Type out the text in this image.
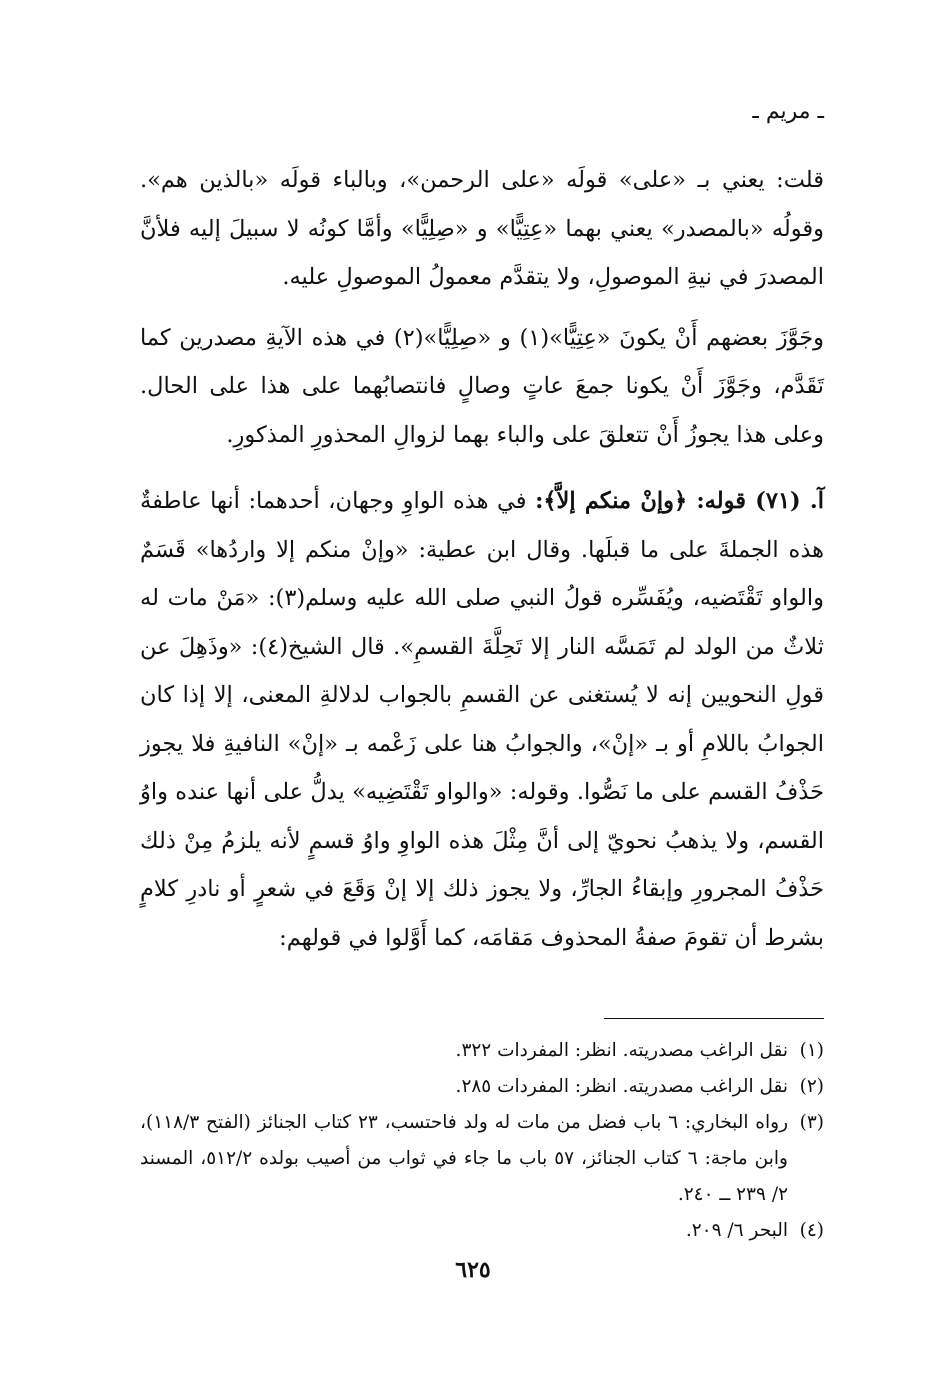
ـ مريم ـ

قلت: يعني بـ «على» قولَه «على الرحمن»، وبالباء قولَه «بالذين هم». وقولُه «بالمصدر» يعني بهما «عِتِيًّا» و «صِلِيًّا» وأمَّا كونُه لا سبيلَ إليه فلأنَّ المصدرَ في نيةِ الموصولِ، ولا يتقدَّم معمولُ الموصولِ عليه.

وجَوَّزَ بعضهم أَنْ يكونَ «عِتِيًّا»(١) و «صِلِيًّا»(٢) في هذه الآيةِ مصدرين كما تَقَدَّم، وجَوَّزَ أَنْ يكونا جمعَ عاتٍ وصالٍ فانتصابُهما على هذا على الحال. وعلى هذا يجوزُ أَنْ تتعلقَ على والباء بهما لزوالِ المحذورِ المذكورِ.

آ. (٧١) قوله: ﴿وإنْ منكم إلاَّ﴾: في هذه الواوِ وجهان، أحدهما: أنها عاطفةٌ هذه الجملةَ على ما قبلَها. وقال ابن عطية: «وإنْ منكم إلا واردُها» قَسَمٌ والواو تَقْتَضيه، ويُفَسِّره قولُ النبي صلى الله عليه وسلم(٣): «مَنْ مات له ثلاثٌ من الولد لم تَمَسَّه النار إلا تَحِلَّةَ القسمِ». قال الشيخ(٤): «وذَهِلَ عن قولِ النحويين إنه لا يُستغنى عن القسمِ بالجواب لدلالةِ المعنى، إلا إذا كان الجوابُ باللامِ أو بـ «إنْ»، والجوابُ هنا على زَعْمه بـ «إنْ» النافيةِ فلا يجوز حَذْفُ القسم على ما نَصُّوا. وقوله: «والواو تَقْتَضِيه» يدلُّ على أنها عنده واوُ القسم، ولا يذهبُ نحويّ إلى أنَّ مِثْلَ هذه الواوِ واوُ قسمٍ لأنه يلزمُ مِنْ ذلك حَذْفُ المجرورِ وإبقاءُ الجارِّ، ولا يجوز ذلك إلا إنْ وَقَعَ في شعرٍ أو نادرِ كلامٍ بشرط أن تقومَ صفةُ المحذوف مَقامَه، كما أَوَّلوا في قولهم:

(١)
نقل الراغب مصدريته. انظر: المفردات ٣٢٢.
(٢)
نقل الراغب مصدريته. انظر: المفردات ٢٨٥.
(٣)
رواه البخاري: ٦ باب فضل من مات له ولد فاحتسب، ٢٣ كتاب الجنائز (الفتح ١١٨/٣)، وابن ماجة: ٦ كتاب الجنائز، ٥٧ باب ما جاء في ثواب من أصيب بولده ٥١٢/٢، المسند ٢/ ٢٣٩ ــ ٢٤٠.
(٤)
البحر ٦/ ٢٠٩.
٦٢٥
